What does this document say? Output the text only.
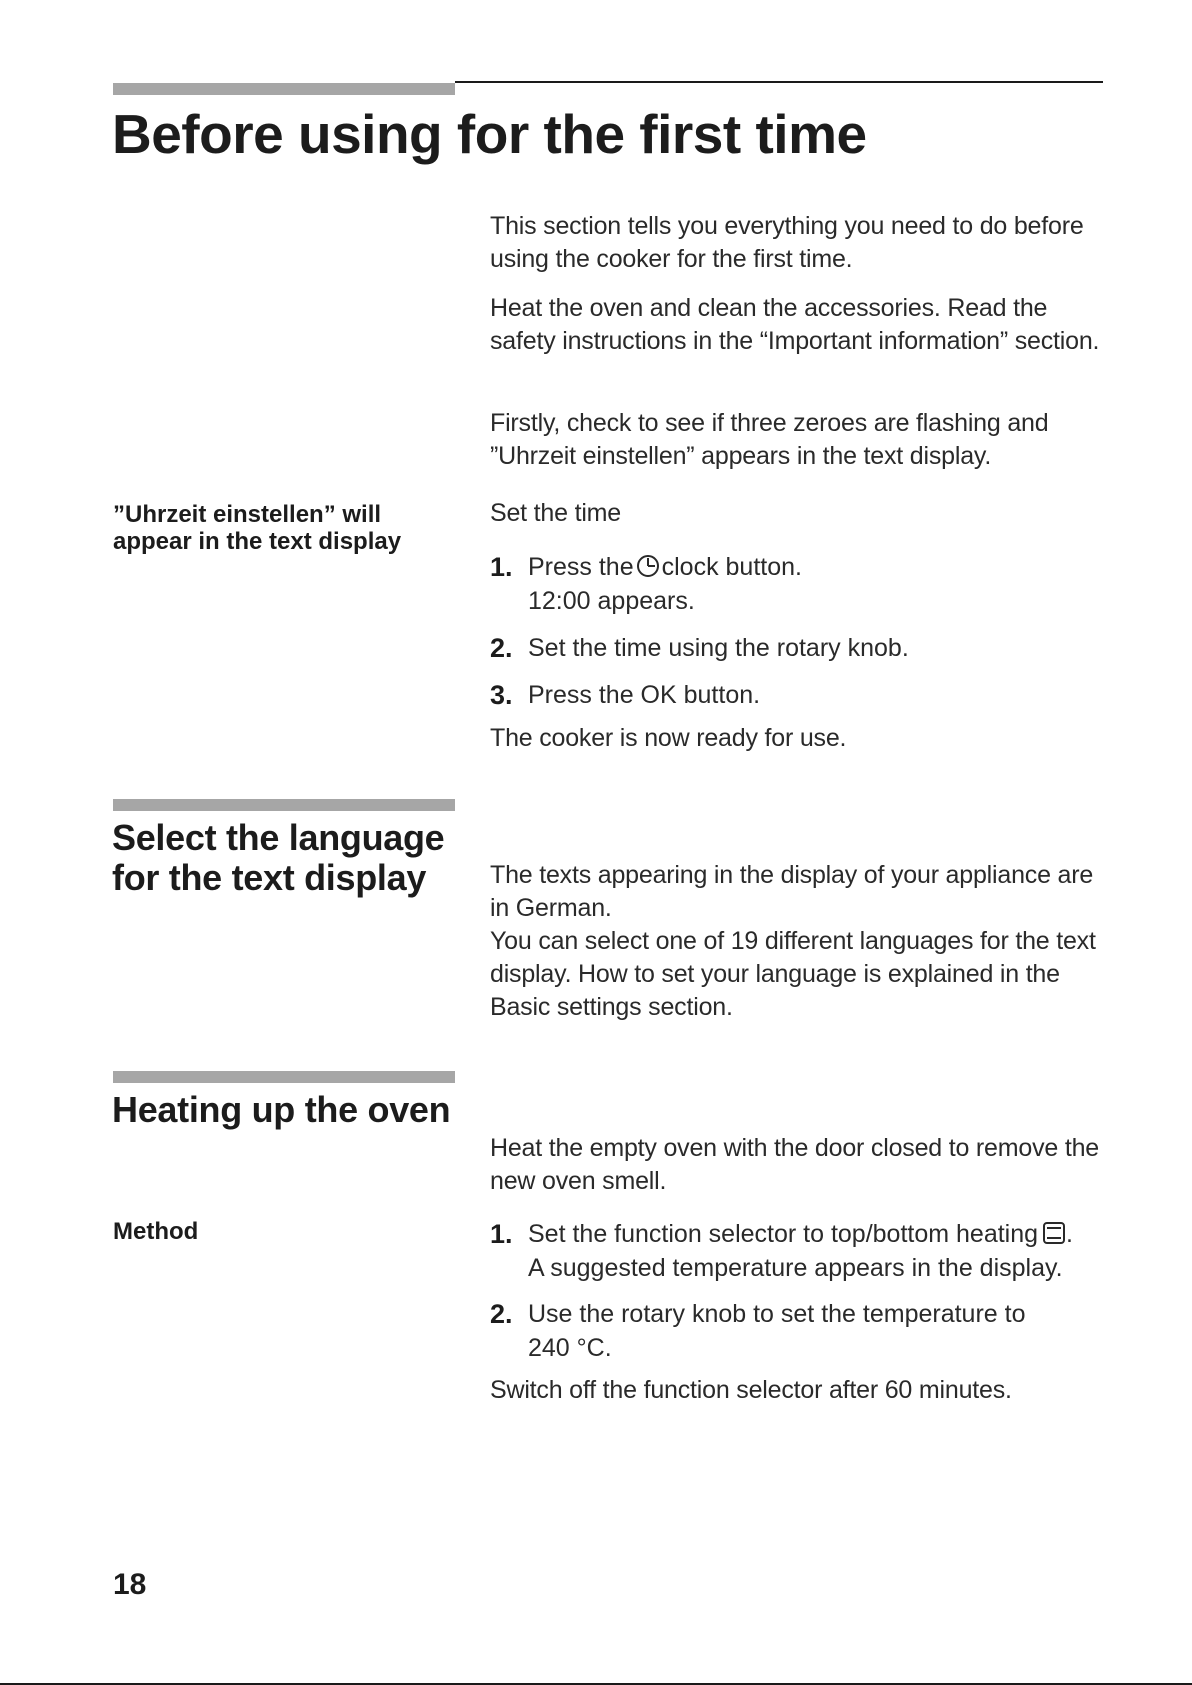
Before using for the first time

This section tells you everything you need to do before using the cooker for the first time.

Heat the oven and clean the accessories. Read the safety instructions in the “Important information” section.

Firstly, check to see if three zeroes are flashing and ”Uhrzeit einstellen” appears in the text display.

”Uhrzeit einstellen” will appear in the text display

Set the time

1. Press the clock button.
12:00 appears.
2. Set the time using the rotary knob.
3. Press the OK button.

The cooker is now ready for use.

Select the language
for the text display	The texts appearing in the display of your appliance are in German.

You can select one of 19 different languages for the text display. How to set your language is explained in the Basic settings section.

Heating up the oven

Heat the empty oven with the door closed to remove the new oven smell.

Method	1. Set the function selector to top/bottom heating .
A suggested temperature appears in the display.
2. Use the rotary knob to set the temperature to 240 °C.

Switch off the function selector after 60 minutes.

18
